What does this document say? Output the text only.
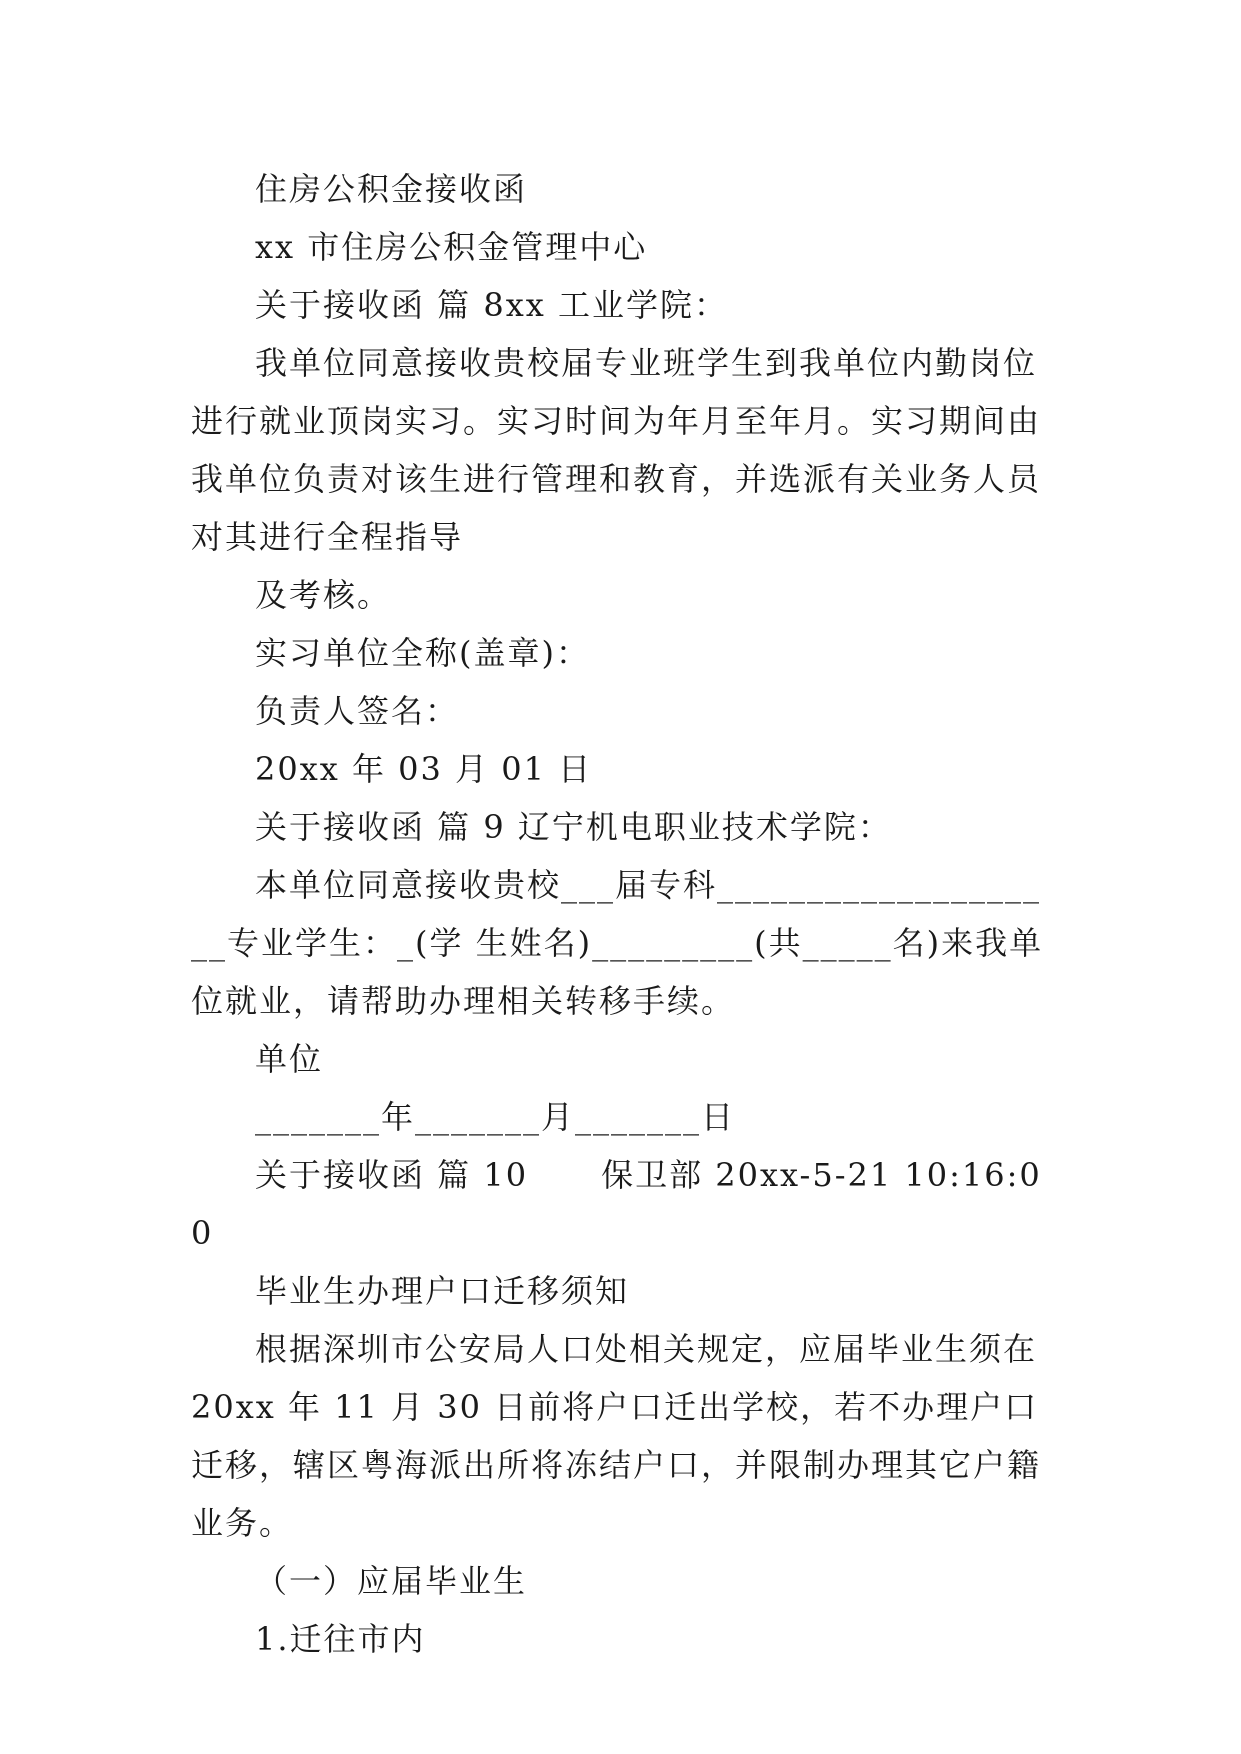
住房公积金接收函

xx 市住房公积金管理中心

关于接收函 篇 8xx 工业学院：

我单位同意接收贵校届专业班学生到我单位内勤岗位进行就业顶岗实习。实习时间为年月至年月。实习期间由我单位负责对该生进行管理和教育，并选派有关业务人员对其进行全程指导

及考核。

实习单位全称(盖章)：

负责人签名：

20xx 年 03 月 01 日

关于接收函 篇 9 辽宁机电职业技术学院：

本单位同意接收贵校___届专科____________________专业学生：_(学 生姓名)_________(共_____名)来我单位就业，请帮助办理相关转移手续。

单位

_______年_______月_______日

关于接收函 篇 10      保卫部 20xx-5-21 10:16:00

毕业生办理户口迁移须知

根据深圳市公安局人口处相关规定，应届毕业生须在 20xx 年 11 月 30 日前将户口迁出学校，若不办理户口迁移，辖区粤海派出所将冻结户口，并限制办理其它户籍业务。

（一）应届毕业生

1.迁往市内
